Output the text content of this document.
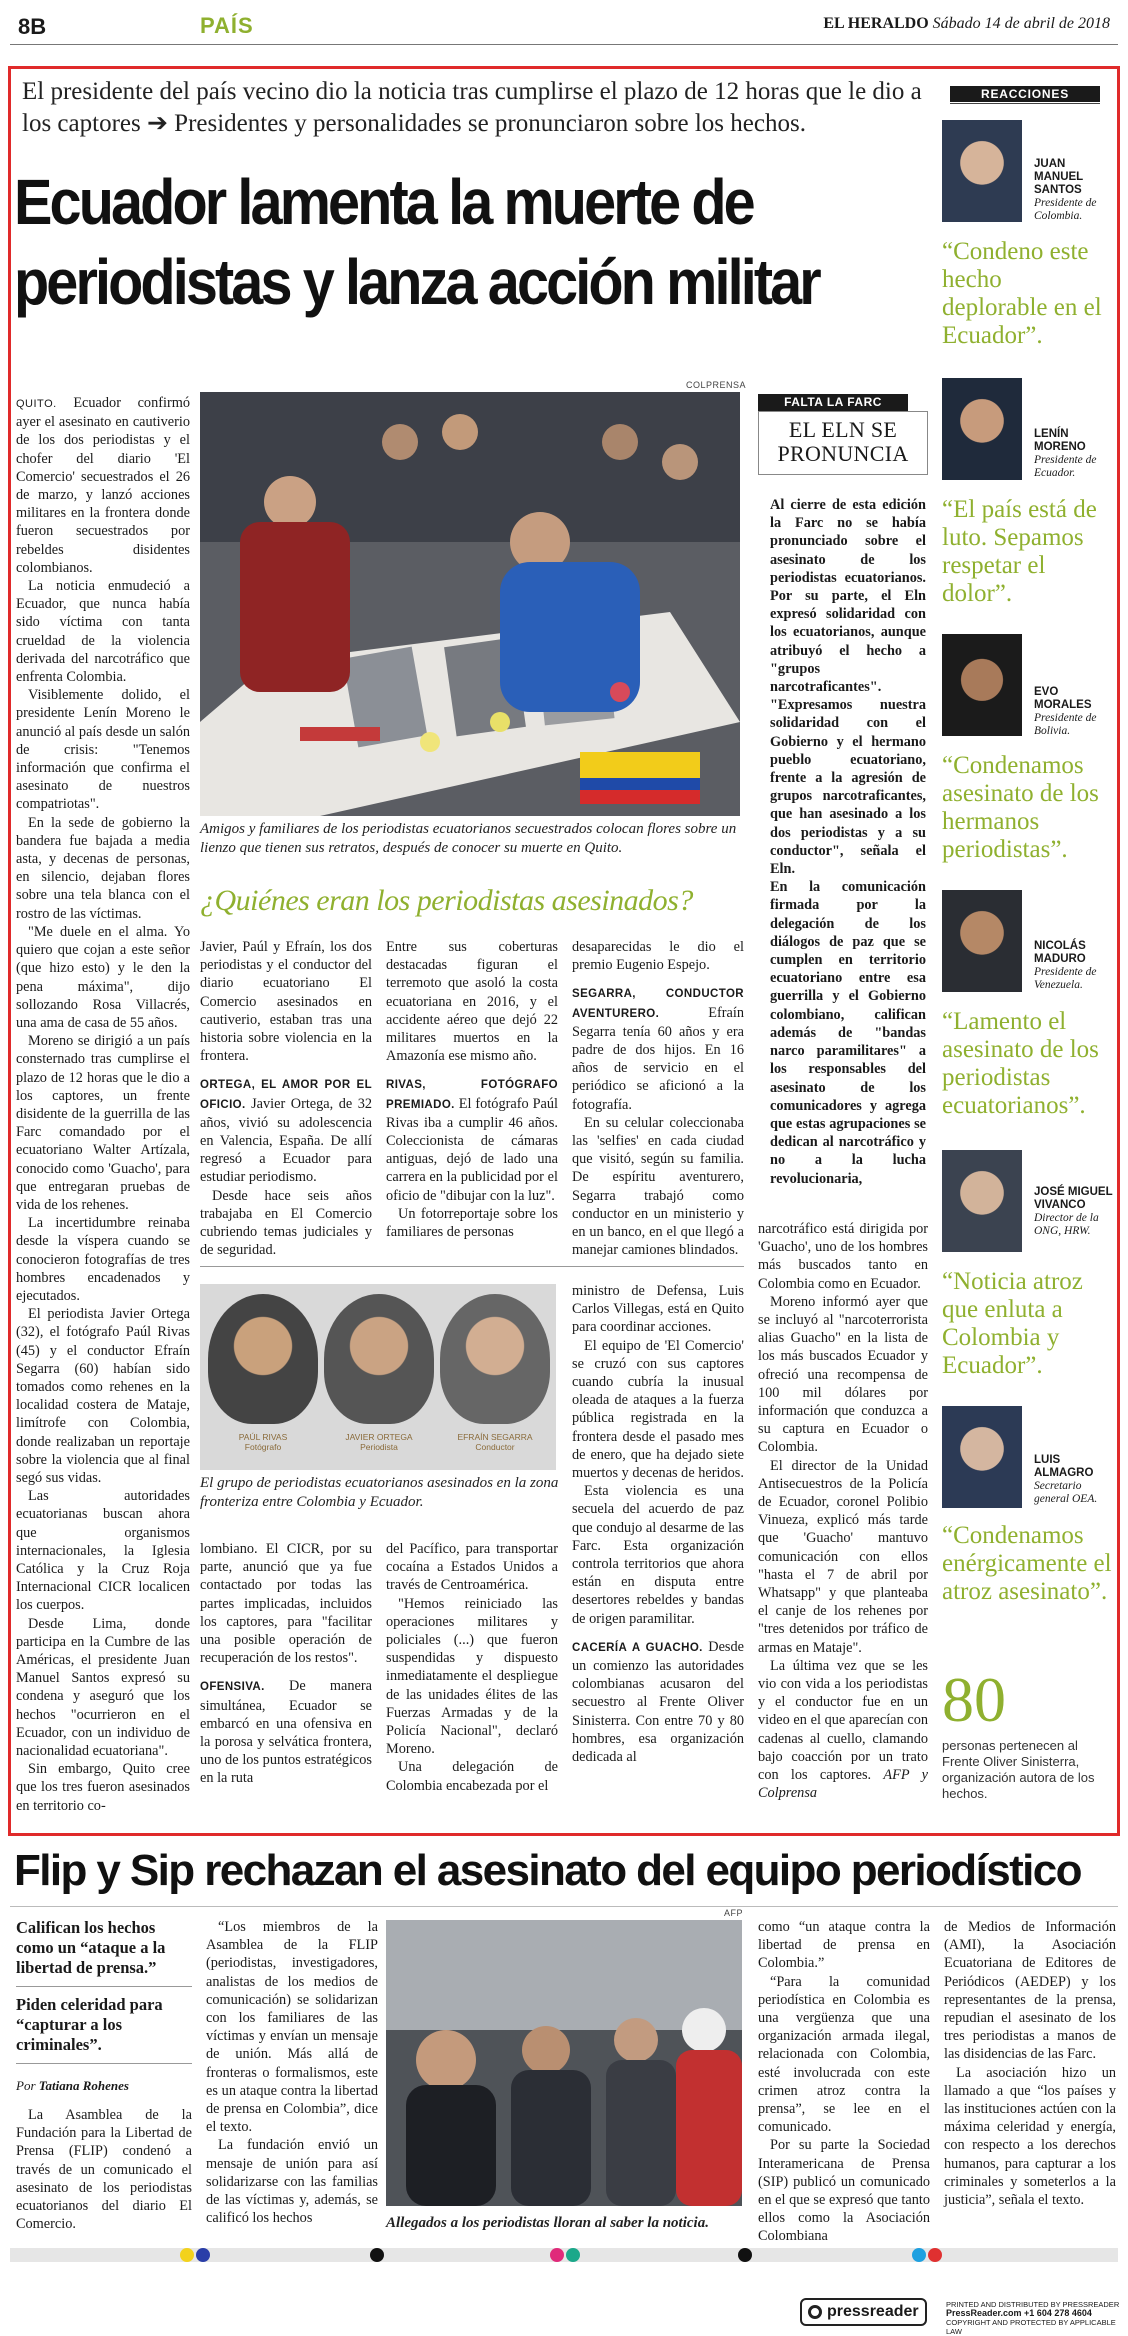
8B	PAÍS	EL HERALDO Sábado 14 de abril de 2018
El presidente del país vecino dio la noticia tras cumplirse el plazo de 12 horas que le dio a los captores ➔ Presidentes y personalidades se pronunciaron sobre los hechos.
Ecuador lamenta la muerte de
periodistas y lanza acción militar

QUITO. Ecuador confirmó ayer el asesinato en cautiverio de los dos periodistas y el chofer del diario 'El Comercio' secuestrados el 26 de marzo, y lanzó acciones militares en la frontera donde fueron secuestrados por rebeldes disidentes colombianos.

La noticia enmudeció a Ecuador, que nunca había sido víctima con tanta crueldad de la violencia derivada del narcotráfico que enfrenta Colombia.

Visiblemente dolido, el presidente Lenín Moreno le anunció al país desde un salón de crisis: "Tenemos información que confirma el asesinato de nuestros compatriotas".

En la sede de gobierno la bandera fue bajada a media asta, y decenas de personas, en silencio, dejaban flores sobre una tela blanca con el rostro de las víctimas.

"Me duele en el alma. Yo quiero que cojan a este señor (que hizo esto) y le den la pena máxima", dijo sollozando Rosa Villacrés, una ama de casa de 55 años.

Moreno se dirigió a un país consternado tras cumplirse el plazo de 12 horas que le dio a los captores, un frente disidente de la guerrilla de las Farc comandado por el ecuatoriano Walter Artízala, conocido como 'Guacho', para que entregaran pruebas de vida de los rehenes.

La incertidumbre reinaba desde la víspera cuando se conocieron fotografías de tres hombres encadenados y ejecutados.

El periodista Javier Ortega (32), el fotógrafo Paúl Rivas (45) y el conductor Efraín Segarra (60) habían sido tomados como rehenes en la localidad costera de Mataje, limítrofe con Colombia, donde realizaban un reportaje sobre la violencia que al final segó sus vidas.

Las autoridades ecuatorianas buscan ahora que organismos internacionales, la Iglesia Católica y la Cruz Roja Internacional CICR localicen los cuerpos.

Desde Lima, donde participa en la Cumbre de las Américas, el presidente Juan Manuel Santos expresó su condena y aseguró que los hechos "ocurrieron en el Ecuador, con un individuo de nacionalidad ecuatoriana".

Sin embargo, Quito cree que los tres fueron asesinados en territorio co-

COLPRENSA
Amigos y familiares de los periodistas ecuatorianos secuestrados colocan flores sobre un lienzo que tienen sus retratos, después de conocer su muerte en Quito.
¿Quiénes eran los periodistas asesinados?

Javier, Paúl y Efraín, los dos periodistas y el conductor del diario ecuatoriano El Comercio asesinados en cautiverio, estaban tras una historia sobre violencia en la frontera.

ORTEGA, EL AMOR POR EL OFICIO. Javier Ortega, de 32 años, vivió su adolescencia en Valencia, España. De allí regresó a Ecuador para estudiar periodismo.

Desde hace seis años trabajaba en El Comercio cubriendo temas judiciales y de seguridad.

Entre sus coberturas destacadas figuran el terremoto que asoló la costa ecuatoriana en 2016, y el accidente aéreo que dejó 22 militares muertos en la Amazonía ese mismo año.

RIVAS, FOTÓGRAFO PREMIADO. El fotógrafo Paúl Rivas iba a cumplir 46 años. Coleccionista de cámaras antiguas, dejó de lado una carrera en la publicidad por el oficio de "dibujar con la luz".

Un fotorreportaje sobre los familiares de personas

desaparecidas le dio el premio Eugenio Espejo.

SEGARRA, CONDUCTOR AVENTURERO.	Efraín Segarra tenía 60 años y era padre de dos hijos. En 16 años de servicio en el periódico se aficionó a la fotografía.

En su celular coleccionaba las 'selfies' en cada ciudad que visitó, según su familia. De espíritu aventurero, Segarra trabajó como conductor en un ministerio y en un banco, en el que llegó a manejar camiones blindados.

PAÚL RIVAS
Fotógrafo
JAVIER ORTEGA
Periodista
EFRAÍN SEGARRA
Conductor
El grupo de periodistas ecuatorianos asesinados en la zona fronteriza entre Colombia y Ecuador.

lombiano. El CICR, por su parte, anunció que ya fue contactado por todas las partes implicadas, incluidos los captores, para "facilitar una posible operación de recuperación de los restos".

OFENSIVA. De manera simultánea, Ecuador se embarcó en una ofensiva en la porosa y selvática frontera, uno de los puntos estratégicos en la ruta

del Pacífico, para transportar cocaína a Estados Unidos a través de Centroamérica.

"Hemos reiniciado las operaciones militares y policiales (...) que fueron suspendidas y dispuesto inmediatamente el despliegue de las unidades élites de las Fuerzas Armadas y de la Policía Nacional", declaró Moreno.

Una delegación de Colombia encabezada por el

ministro de Defensa, Luis Carlos Villegas, está en Quito para coordinar acciones.

El equipo de 'El Comercio' se cruzó con sus captores cuando cubría la inusual oleada de ataques a la fuerza pública registrada en la frontera desde el pasado mes de enero, que ha dejado siete muertos y decenas de heridos.

Esta violencia es una secuela del acuerdo de paz que condujo al desarme de las Farc. Esta organización controla territorios que ahora están en disputa entre desertores rebeldes y bandas de origen paramilitar.

CACERÍA A GUACHO. Desde un comienzo las autoridades colombianas acusaron del secuestro al Frente Oliver Sinisterra. Con entre 70 y 80 hombres, esa organización dedicada al

narcotráfico está dirigida por 'Guacho', uno de los hombres más buscados tanto en Colombia como en Ecuador.

Moreno informó ayer que se incluyó al "narcoterrorista alias Guacho" en la lista de los más buscados Ecuador y ofreció una recompensa de 100 mil dólares por información que conduzca a su captura en Ecuador o Colombia.

El director de la Unidad Antisecuestros de la Policía de Ecuador, coronel Polibio Vinueza, explicó más tarde que 'Guacho' mantuvo comunicación con ellos "hasta el 7 de abril por Whatsapp" y que planteaba el canje de los rehenes por "tres detenidos por tráfico de armas en Mataje".

La última vez que se les vio con vida a los periodistas y el conductor fue en un video en el que aparecían con cadenas al cuello, clamando bajo coacción por un trato con los captores. AFP y Colprensa

FALTA LA FARC
EL ELN SE
PRONUNCIA

Al cierre de esta edición la Farc no se había pronunciado sobre el asesinato de los periodistas ecuatorianos. Por su parte, el Eln expresó solidaridad con los ecuatorianos, aunque atribuyó el hecho a "grupos narcotraficantes".

"Expresamos nuestra solidaridad con el Gobierno y el hermano pueblo ecuatoriano, frente a la agresión de grupos narcotraficantes, que han asesinado a los dos periodistas y a su conductor", señala el Eln.

En la comunicación firmada por la delegación de los diálogos de paz que se cumplen en territorio ecuatoriano entre esa guerrilla y el Gobierno colombiano, califican además de "bandas narco paramilitares" a los responsables del asesinato de los comunicadores y agrega que estas agrupaciones se dedican al narcotráfico y no a la lucha revolucionaria,

REACCIONES
JUAN MANUEL SANTOS
Presidente de Colombia.
“Condeno este hecho deplorable en el Ecuador”.
LENÍN MORENO
Presidente de Ecuador.
“El país está de luto. Sepamos respetar el dolor”.
EVO MORALES
Presidente de Bolivia.
“Condenamos asesinato de los hermanos periodistas”.
NICOLÁS MADURO
Presidente de Venezuela.
“Lamento el asesinato de los periodistas ecuatorianos”.
JOSÉ MIGUEL VIVANCO
Director de la ONG, HRW.
“Noticia atroz que enluta a Colombia y Ecuador”.
LUIS ALMAGRO
Secretario general OEA.
“Condenamos enérgicamente el atroz asesinato”.
80
personas pertenecen al Frente Oliver Sinisterra, organización autora de los hechos.
Flip y Sip rechazan el asesinato del equipo periodístico
Califican los hechos como un “ataque a la libertad de prensa.”
Piden celeridad para “capturar a los criminales”.
Por Tatiana Rohenes

La Asamblea de la Fundación para la Libertad de Prensa (FLIP) condenó a través de un comunicado el asesinato de los periodistas ecuatorianos del diario El Comercio.

“Los miembros de la Asamblea de la FLIP (periodistas, investigadores, analistas de los medios de comunicación) se solidarizan con los familiares de las víctimas y envían un mensaje de unión. Más allá de fronteras o formalismos, este es un ataque contra la libertad de prensa en Colombia”, dice el texto.

La fundación envió un mensaje de unión para así solidarizarse con las familias de las víctimas y, además, se calificó los hechos

AFP
Allegados a los periodistas lloran al saber la noticia.

como “un ataque contra la libertad de prensa en Colombia.”

“Para la comunidad periodística en Colombia es una vergüenza que una organización armada ilegal, relacionada con Colombia, esté involucrada con este crimen atroz contra la prensa”, se lee en el comunicado.

Por su parte la Sociedad Interamericana de Prensa (SIP) publicó un comunicado en el que se expresó que tanto ellos como la Asociación Colombiana

de Medios de Información (AMI), la Asociación Ecuatoriana de Editores de Periódicos (AEDEP) y los representantes de la prensa, repudian el asesinato de los tres periodistas a manos de las disidencias de las Farc.

La asociación hizo un llamado a que “los países y las instituciones actúen con la máxima celeridad y energía, con respecto a los derechos humanos, para capturar a los criminales y someterlos a la justicia”, señala el texto.

pressreader	PRINTED AND DISTRIBUTED BY PRESSREADER
PressReader.com +1 604 278 4604
COPYRIGHT AND PROTECTED BY APPLICABLE LAW
